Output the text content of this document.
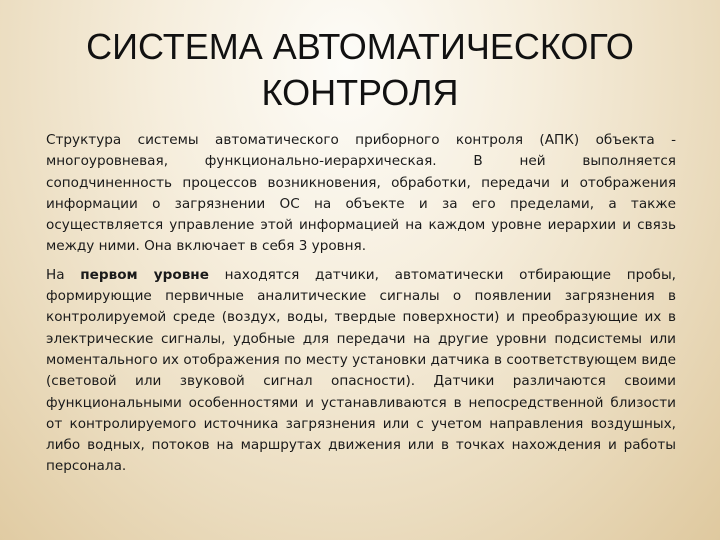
СИСТЕМА АВТОМАТИЧЕСКОГО
КОНТРОЛЯ

Структура системы автоматического приборного контроля (АПК) объекта - многоуровневая, функционально-иерархическая. В ней выполняется соподчиненность процессов возникновения, обработки, передачи и отображения информации о загрязнении ОС на объекте и за его пределами, а также осуществляется управление этой информацией на каждом уровне иерархии и связь между ними. Она включает в себя 3 уровня.

На первом уровне находятся датчики, автоматически отбирающие пробы, формирующие первичные аналитические сигналы о появлении загрязнения в контролируемой среде (воздух, воды, твердые поверхности) и преобразующие их в электрические сигналы, удобные для передачи на другие уровни подсистемы или моментального их отображения по месту установки датчика в соответствующем виде (световой или звуковой сигнал опасности). Датчики различаются своими функциональными особенностями и устанавливаются в непосредственной близости от контролируемого источника загрязнения или с учетом направления воздушных, либо водных, потоков на маршрутах движения или в точках нахождения и работы персонала.
